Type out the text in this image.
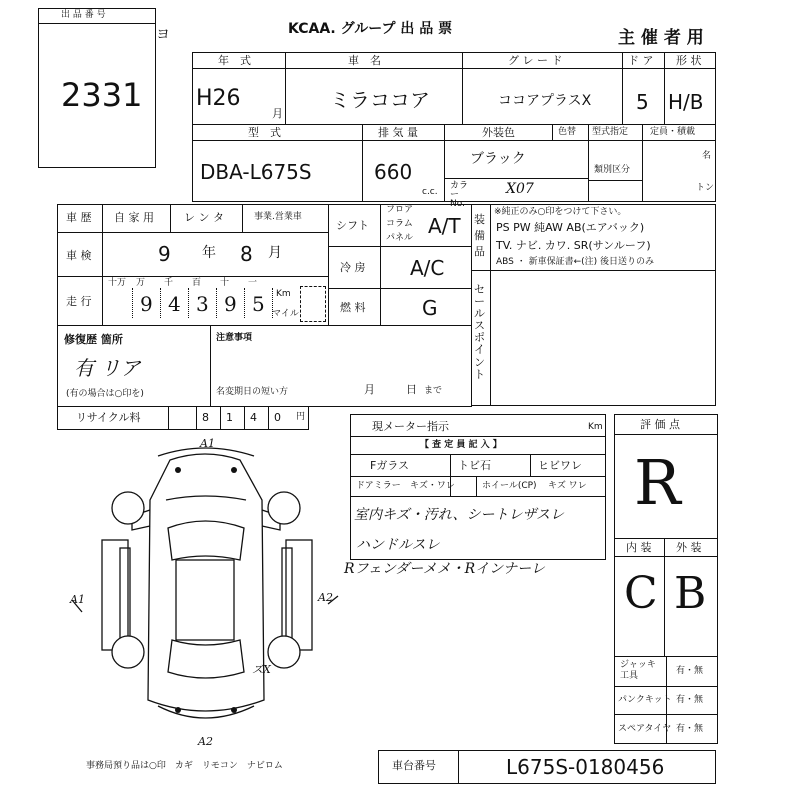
出 品 番 号
2331
ヨ	KCAA. グループ 出 品 票	主 催 者 用
年　式
H26
月
車　名
ミラココア
グ レ ー ド
ココアプラスX
ド ア
5
形 状
H/B
型　式
DBA-L675S
排 気 量
660
c.c.
外装色
ブラック
色替
カラー No.
X07
型式指定
類別区分
定員・積載
名
トン
車 歴 自 家 用	レ ン タ	事業.営業車
車 検	9 年 8 月
走 行
十万 万
9
千
4
百
3
十
9
一
5 Km
マイル
シフト
フロア
コラム
パネル A/T
冷 房 A/C
燃 料	G
装 備 品
※純正のみ○印をつけて下さい。
PS PW 純AW AB(エアバック)
TV. ナビ. カワ. SR(サンルーフ)
ABS ・ 新車保証書←(注) 後日送りのみ
セールスポイント
修復歴 箇所
有 リア
(有の場合は○印を)
注意事項
名変期日の短い方	月	日 まで
リサイクル料	8 1 4 0 円
現メーター指示	Km
【 査 定 員 記 入 】
Fガラス	トビ石	ヒビワレ
ドアミラー キズ・ワレ	ホイール(CP) キズ ワレ
室内キズ・汚れ、シートレザスレ
ハンドルスレ
Rフェンダーメメ・Rインナーレ
評 価 点
R
内 装 外 装
C B
ジャッキ工具	有・無
パンクキット 有・無
スペアタイヤ 有・無
事務局預り品は○印　カギ　リモコン　ナビロム	車台番号	L675S-0180456
A1
A1	A2
A2
ズX
